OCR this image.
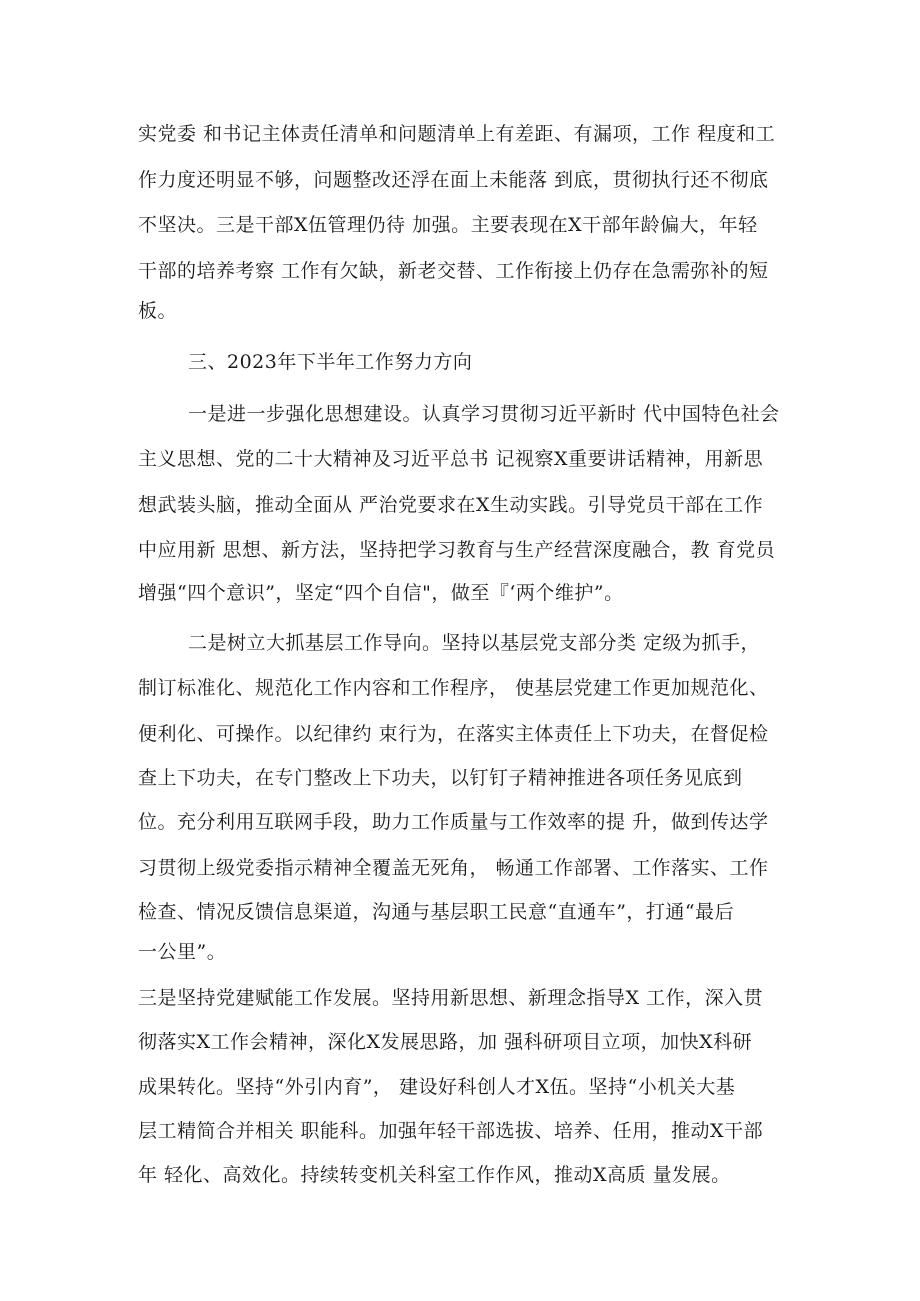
实党委 和书记主体责任清单和问题清单上有差距、有漏项，工作 程度和工
作力度还明显不够，问题整改还浮在面上未能落 到底，贯彻执行还不彻底
不坚决。三是干部X伍管理仍待 加强。主要表现在X干部年龄偏大，年轻
干部的培养考察 工作有欠缺，新老交替、工作衔接上仍存在急需弥补的短
板。
三、2023年下半年工作努力方向
一是进一步强化思想建设。认真学习贯彻习近平新时 代中国特色社会
主义思想、党的二十大精神及习近平总书 记视察X重要讲话精神，用新思
想武装头脑，推动全面从 严治党要求在X生动实践。引导党员干部在工作
中应用新 思想、新方法，坚持把学习教育与生产经营深度融合，教 育党员
增强“四个意识”，坚定“四个自信"，做至『‘两个维护”。
二是树立大抓基层工作导向。坚持以基层党支部分类 定级为抓手，
制订标准化、规范化工作内容和工作程序， 使基层党建工作更加规范化、
便利化、可操作。以纪律约 束行为，在落实主体责任上下功夫，在督促检
查上下功夫，在专门整改上下功夫，以钉钉子精神推进各项任务见底到
位。充分利用互联网手段，助力工作质量与工作效率的提 升，做到传达学
习贯彻上级党委指示精神全覆盖无死角， 畅通工作部署、工作落实、工作
检查、情况反馈信息渠道，沟通与基层职工民意“直通车”，打通“最后
一公里”。
三是坚持党建赋能工作发展。坚持用新思想、新理念指导X 工作，深入贯
彻落实X工作会精神，深化X发展思路，加 强科研项目立项，加快X科研
成果转化。坚持“外引内育”， 建设好科创人才X伍。坚持“小机关大基
层工精简合并相关 职能科。加强年轻干部选拔、培养、任用，推动X干部
年 轻化、高效化。持续转变机关科室工作作风，推动X高质 量发展。
